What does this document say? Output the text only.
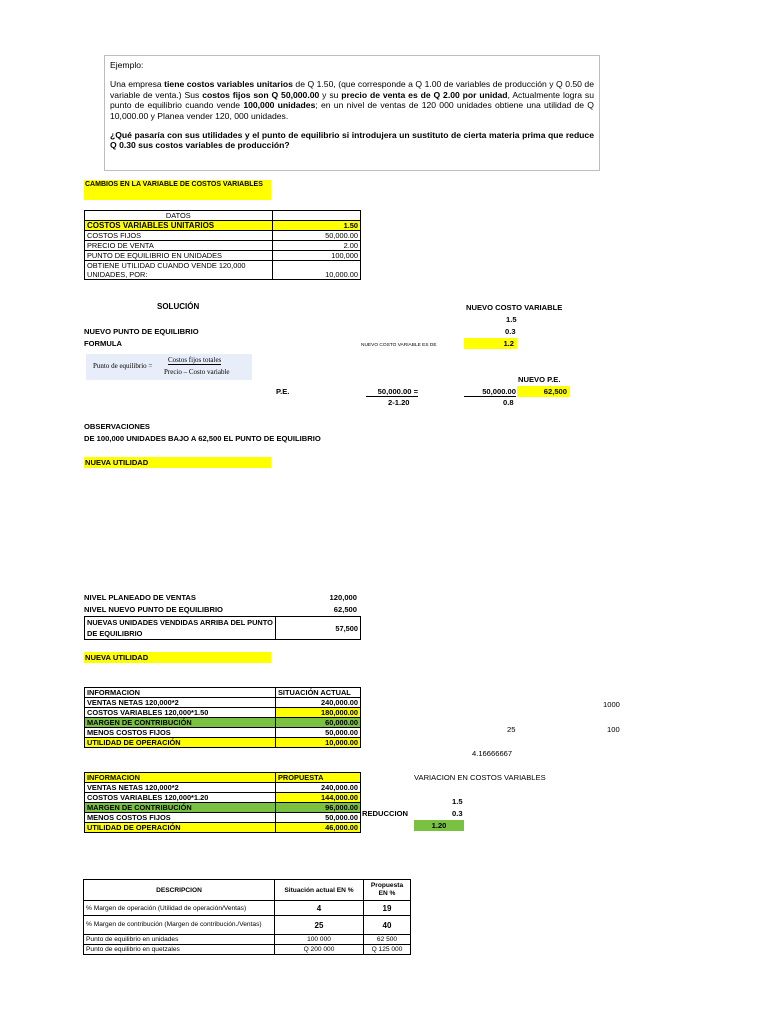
Ejemplo:

Una empresa tiene costos variables unitarios de Q 1.50, (que corresponde a Q 1.00 de variables de producción y Q 0.50 de variable de venta.) Sus costos fijos son Q 50,000.00 y su precio de venta es de Q 2.00 por unidad, Actualmente logra su punto de equilibrio cuando vende 100,000 unidades; en un nivel de ventas de 120 000 unidades obtiene una utilidad de Q 10,000.00 y Planea vender 120, 000 unidades.

¿Qué pasaría con sus utilidades y el punto de equilibrio si introdujera un sustituto de cierta materia prima que reduce Q 0.30 sus costos variables de producción?

CAMBIOS EN LA VARIABLE DE COSTOS VARIABLES
DATOS	
COSTOS VARIABLES UNITARIOS	1.50
COSTOS FIJOS	50,000.00
PRECIO DE VENTA	2.00
PUNTO DE EQUILIBRIO EN UNIDADES	100,000
OBTIENE UTILIDAD CUANDO VENDE 120,000 UNIDADES, POR:	10,000.00
SOLUCIÓN
NUEVO PUNTO DE EQUILIBRIO
FORMULA
Punto de equilibrio =
Costos fijos totales
Precio – Costo variable
NUEVO COSTO VARIABLE
1.5
0.3
NUEVO COSTO VARIABLE ES DE	1.2
NUEVO P.E.
P.E.	50,000.00 =
2-1.20
50,000.00
0.8
62,500
OBSERVACIONES
DE 100,000 UNIDADES BAJO A 62,500 EL PUNTO DE EQUILIBRIO
NUEVA UTILIDAD
NIVEL PLANEADO DE VENTAS	120,000
NIVEL NUEVO PUNTO DE EQUILIBRIO	62,500
NUEVAS UNIDADES VENDIDAS ARRIBA DEL PUNTO DE EQUILIBRIO	57,500
NUEVA UTILIDAD
INFORMACION	SITUACIÓN ACTUAL
VENTAS NETAS 120,000*2	240,000.00
COSTOS VARIABLES 120,000*1.50	180,000.00
MARGEN DE CONTRIBUCIÓN	60,000.00
MENOS COSTOS FIJOS	50,000.00
UTILIDAD DE OPERACIÓN	10,000.00
1000
25	100
4.16666667
INFORMACION	PROPUESTA
VENTAS NETAS 120,000*2	240,000.00
COSTOS VARIABLES 120,000*1.20	144,000.00
MARGEN DE CONTRIBUCIÓN	96,000.00
MENOS COSTOS FIJOS	50,000.00
UTILIDAD DE OPERACIÓN	46,000.00
VARIACION EN COSTOS VARIABLES
1.5
REDUCCION	0.3
1.20
DESCRIPCION	Situación actual EN %	Propuesta EN %
% Margen de operación (Utilidad de operación/Ventas)	4	19
% Margen de contribución (Margen de contribución./Ventas)	25	40
Punto de equilibrio en unidades	100 000	62 500
Punto de equilibrio en quetzales	Q 200 000	Q 125 000
